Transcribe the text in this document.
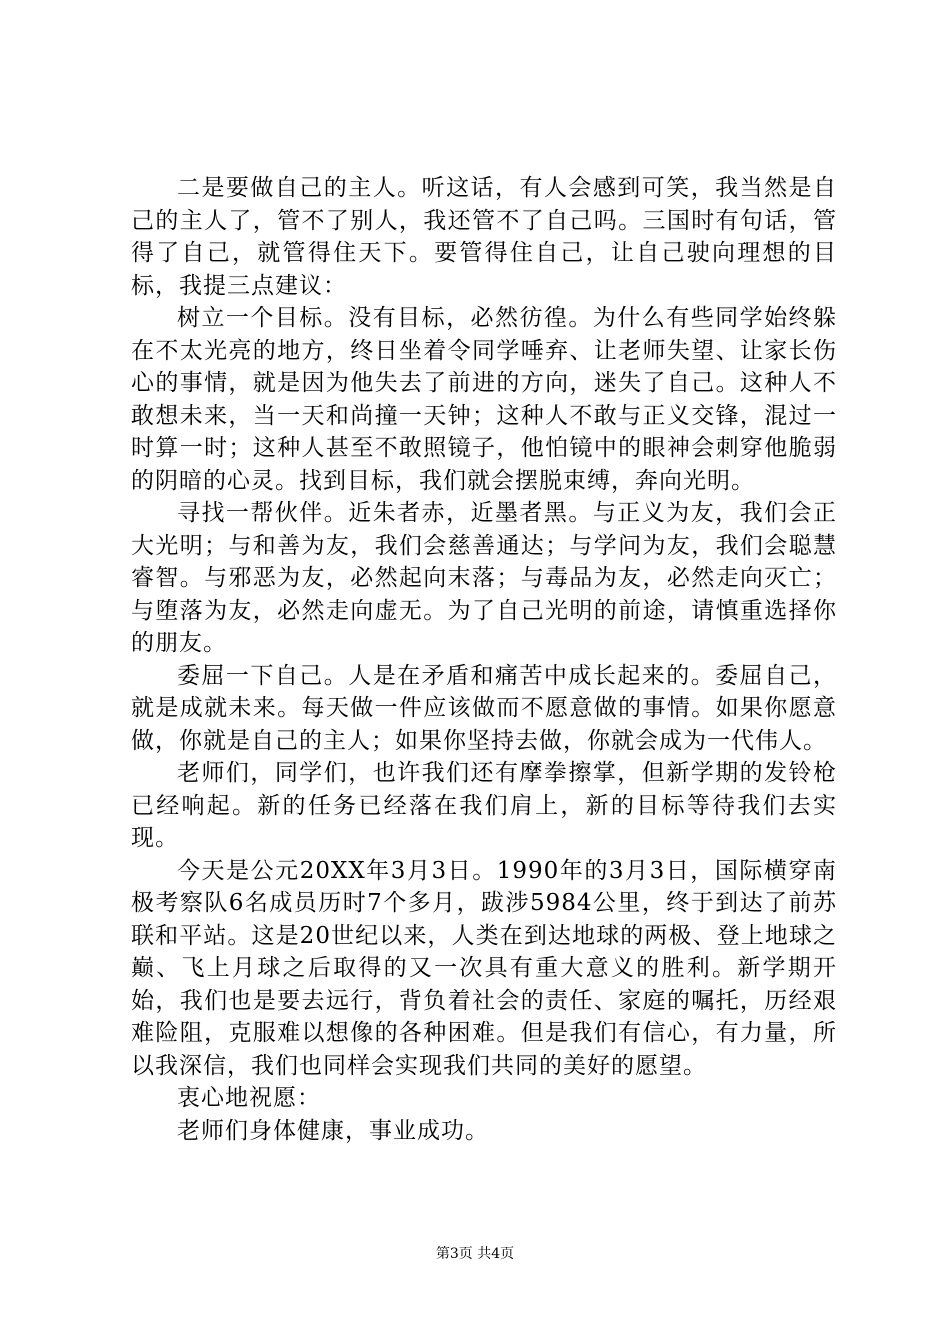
二是要做自己的主人。听这话，有人会感到可笑，我当然是自己的主人了，管不了别人，我还管不了自己吗。三国时有句话，管得了自己，就管得住天下。要管得住自己，让自己驶向理想的目标，我提三点建议：

树立一个目标。没有目标，必然彷徨。为什么有些同学始终躲在不太光亮的地方，终日坐着令同学唾弃、让老师失望、让家长伤心的事情，就是因为他失去了前进的方向，迷失了自己。这种人不敢想未来，当一天和尚撞一天钟；这种人不敢与正义交锋，混过一时算一时；这种人甚至不敢照镜子，他怕镜中的眼神会刺穿他脆弱的阴暗的心灵。找到目标，我们就会摆脱束缚，奔向光明。

寻找一帮伙伴。近朱者赤，近墨者黑。与正义为友，我们会正大光明；与和善为友，我们会慈善通达；与学问为友，我们会聪慧睿智。与邪恶为友，必然起向末落；与毒品为友，必然走向灭亡；与堕落为友，必然走向虚无。为了自己光明的前途，请慎重选择你的朋友。

委屈一下自己。人是在矛盾和痛苦中成长起来的。委屈自己，就是成就未来。每天做一件应该做而不愿意做的事情。如果你愿意做，你就是自己的主人；如果你坚持去做，你就会成为一代伟人。

老师们，同学们，也许我们还有摩拳擦掌，但新学期的发铃枪已经响起。新的任务已经落在我们肩上，新的目标等待我们去实现。

今天是公元20XX年3月3日。1990年的3月3日，国际横穿南极考察队6名成员历时7个多月，跋涉5984公里，终于到达了前苏联和平站。这是20世纪以来，人类在到达地球的两极、登上地球之巅、飞上月球之后取得的又一次具有重大意义的胜利。新学期开始，我们也是要去远行，背负着社会的责任、家庭的嘱托，历经艰难险阻，克服难以想像的各种困难。但是我们有信心，有力量，所以我深信，我们也同样会实现我们共同的美好的愿望。

衷心地祝愿：

老师们身体健康，事业成功。

第3页 共4页
